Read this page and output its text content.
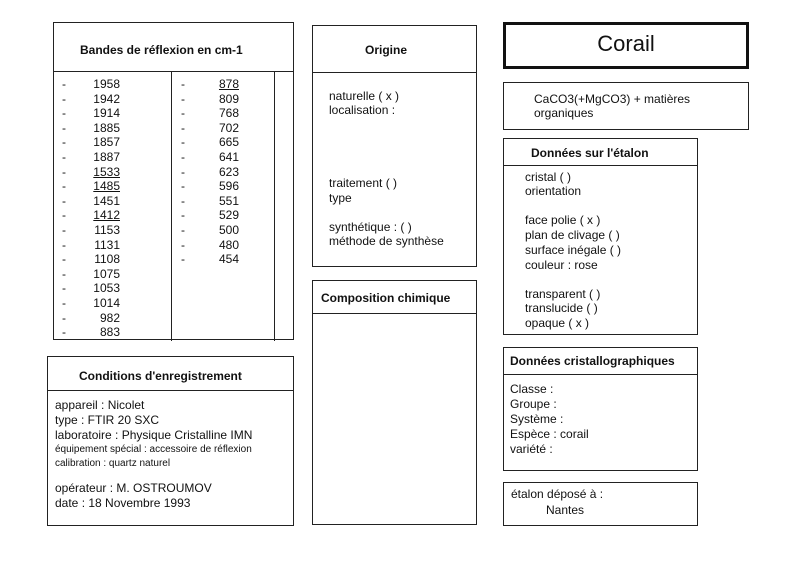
Bandes de réflexion en cm-1
- 1958
- 1942
- 1914
- 1885
- 1857
- 1887
- 1533
- 1485
- 1451
- 1412
- 1153
- 1131
- 1108
- 1075
- 1053
- 1014
-	982
-	883
-	878
-	809
-	768
-	702
-	665
-	641
-	623
-	596
-	551
-	529
-	500
-	480
-	454
Conditions d'enregistrement
appareil : Nicolet
type : FTIR 20 SXC
laboratoire : Physique Cristalline IMN
équipement spécial : accessoire de réflexion
calibration : quartz naturel
opérateur : M. OSTROUMOV
date : 18 Novembre 1993
Origine
naturelle ( x )
localisation :
traitement ( )
type
synthétique : ( )
méthode de synthèse
Composition chimique
Corail
CaCO3(+MgCO3) + matières
organiques
Données sur l'étalon
cristal ( )
orientation
face polie ( x )
plan de clivage ( )
surface inégale ( )
couleur : rose
transparent ( )
translucide ( )
opaque ( x )
Données cristallographiques
Classe :
Groupe :
Système :
Espèce : corail
variété :
étalon déposé à :
Nantes
